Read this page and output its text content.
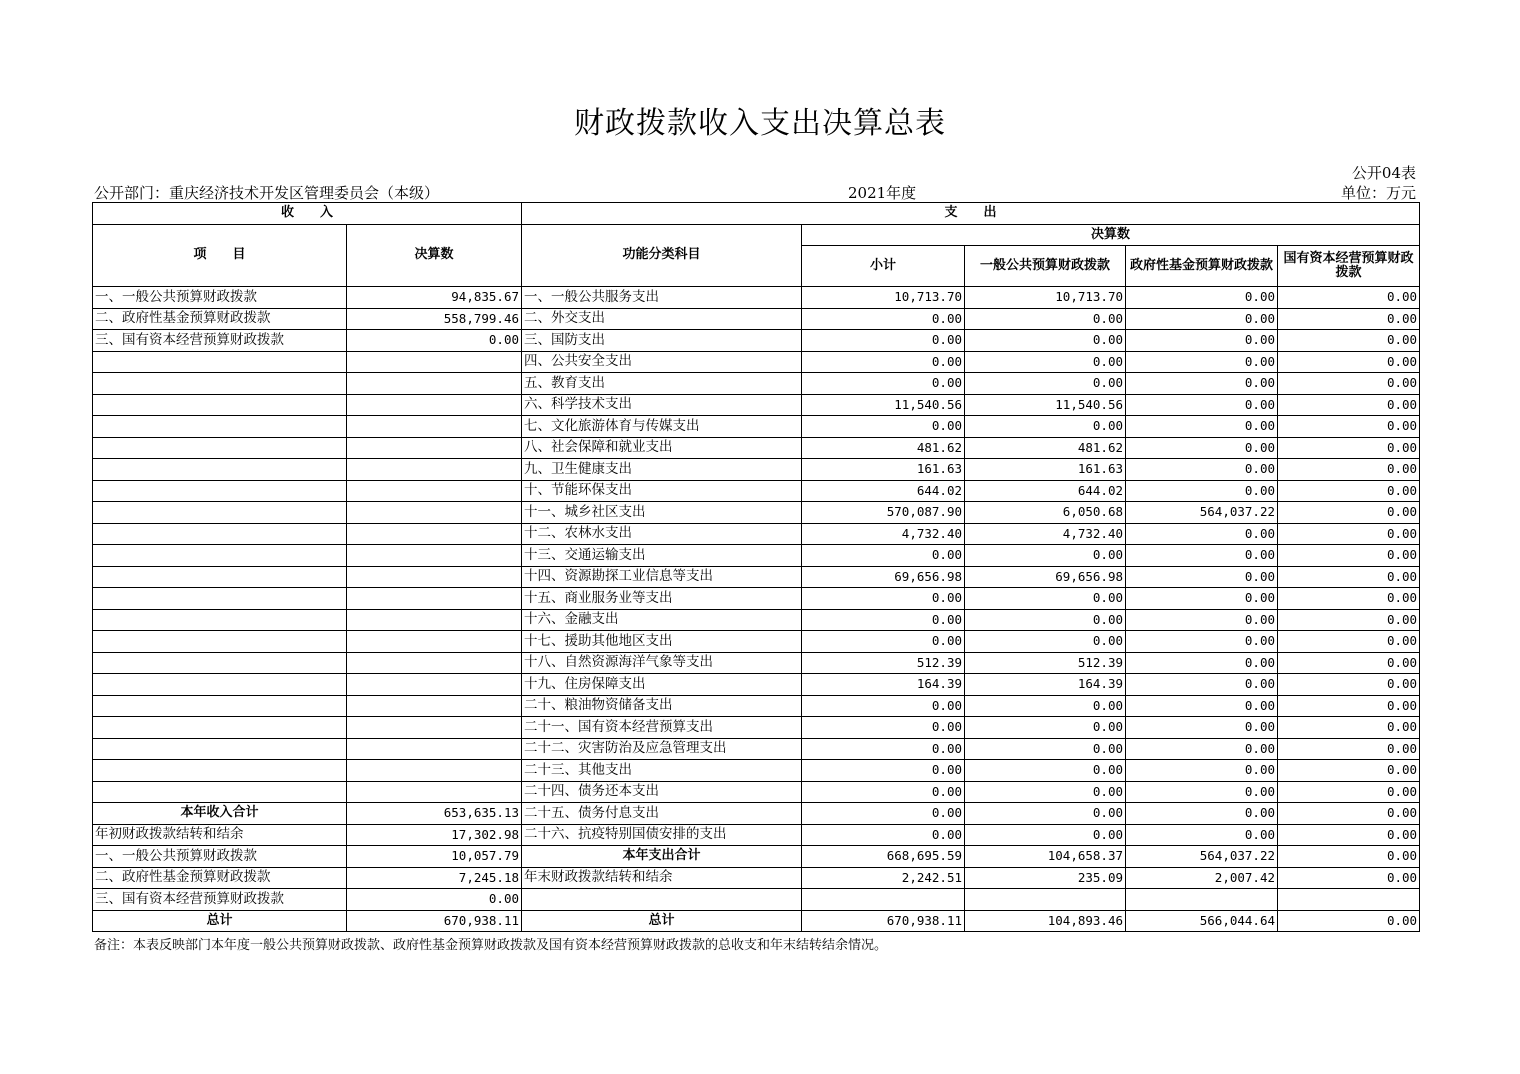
财政拨款收入支出决算总表
公开04表
公开部门：重庆经济技术开发区管理委员会（本级）	2021年度	单位：万元
收　　入		支　　出				
项　　目	决算数	功能分类科目	决算数			
			小计	一般公共预算财政拨款	政府性基金预算财政拨款	国有资本经营预算财政拨款
一、一般公共预算财政拨款	94,835.67	一、一般公共服务支出	10,713.70	10,713.70	0.00	0.00
二、政府性基金预算财政拨款	558,799.46	二、外交支出	0.00	0.00	0.00	0.00
三、国有资本经营预算财政拨款	0.00	三、国防支出	0.00	0.00	0.00	0.00
		四、公共安全支出	0.00	0.00	0.00	0.00
		五、教育支出	0.00	0.00	0.00	0.00
		六、科学技术支出	11,540.56	11,540.56	0.00	0.00
		七、文化旅游体育与传媒支出	0.00	0.00	0.00	0.00
		八、社会保障和就业支出	481.62	481.62	0.00	0.00
		九、卫生健康支出	161.63	161.63	0.00	0.00
		十、节能环保支出	644.02	644.02	0.00	0.00
		十一、城乡社区支出	570,087.90	6,050.68	564,037.22	0.00
		十二、农林水支出	4,732.40	4,732.40	0.00	0.00
		十三、交通运输支出	0.00	0.00	0.00	0.00
		十四、资源勘探工业信息等支出	69,656.98	69,656.98	0.00	0.00
		十五、商业服务业等支出	0.00	0.00	0.00	0.00
		十六、金融支出	0.00	0.00	0.00	0.00
		十七、援助其他地区支出	0.00	0.00	0.00	0.00
		十八、自然资源海洋气象等支出	512.39	512.39	0.00	0.00
		十九、住房保障支出	164.39	164.39	0.00	0.00
		二十、粮油物资储备支出	0.00	0.00	0.00	0.00
		二十一、国有资本经营预算支出	0.00	0.00	0.00	0.00
		二十二、灾害防治及应急管理支出	0.00	0.00	0.00	0.00
		二十三、其他支出	0.00	0.00	0.00	0.00
		二十四、债务还本支出	0.00	0.00	0.00	0.00
本年收入合计	653,635.13	二十五、债务付息支出	0.00	0.00	0.00	0.00
年初财政拨款结转和结余	17,302.98	二十六、抗疫特别国债安排的支出	0.00	0.00	0.00	0.00
一、一般公共预算财政拨款	10,057.79	本年支出合计	668,695.59	104,658.37	564,037.22	0.00
二、政府性基金预算财政拨款	7,245.18	年末财政拨款结转和结余	2,242.51	235.09	2,007.42	0.00
三、国有资本经营预算财政拨款	0.00					
总计	670,938.11	总计	670,938.11	104,893.46	566,044.64	0.00
备注：本表反映部门本年度一般公共预算财政拨款、政府性基金预算财政拨款及国有资本经营预算财政拨款的总收支和年末结转结余情况。
